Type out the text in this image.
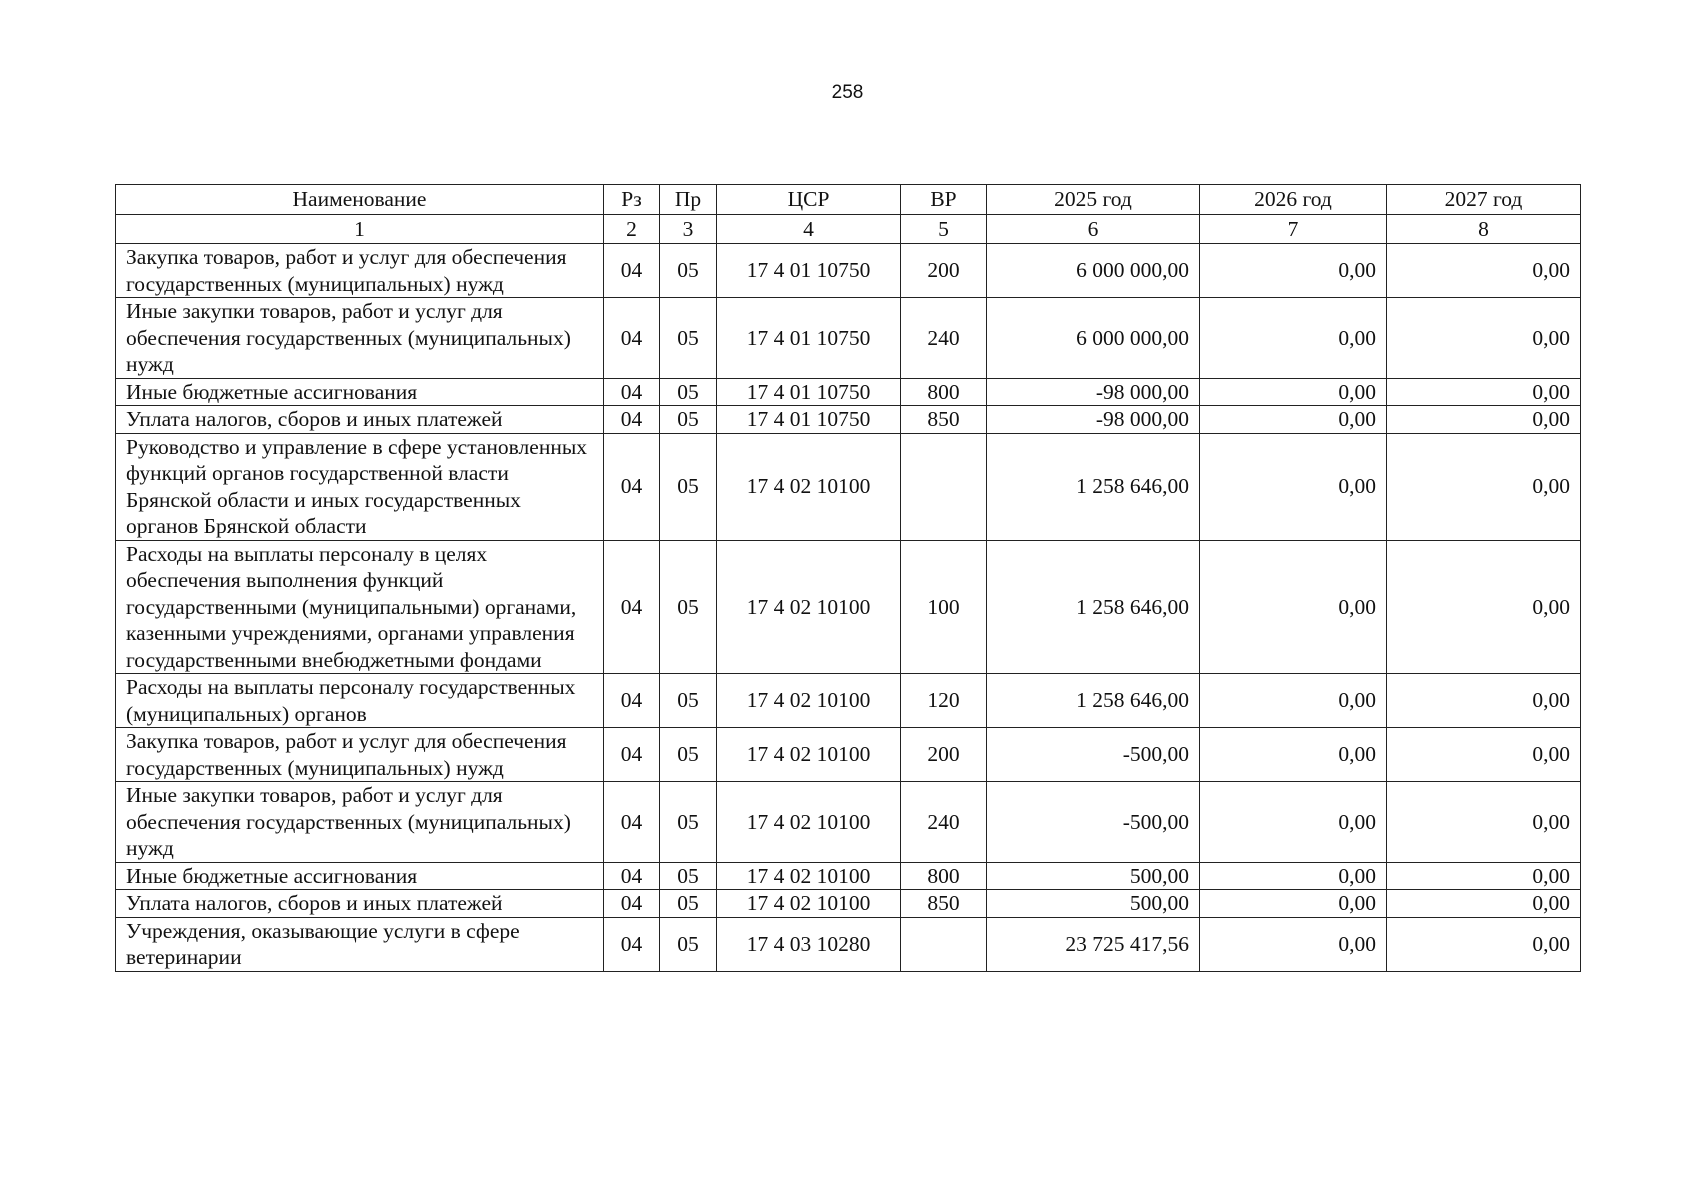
258
Наименование	Рз	Пр	ЦСР	ВР	2025 год	2026 год	2027 год
1	2	3	4	5	6	7	8
Закупка товаров, работ и услуг для обеспечения государственных (муниципальных) нужд	04	05	17 4 01 10750	200	6 000 000,00	0,00	0,00
Иные закупки товаров, работ и услуг для обеспечения государственных (муниципальных) нужд	04	05	17 4 01 10750	240	6 000 000,00	0,00	0,00
Иные бюджетные ассигнования	04	05	17 4 01 10750	800	-98 000,00	0,00	0,00
Уплата налогов, сборов и иных платежей	04	05	17 4 01 10750	850	-98 000,00	0,00	0,00
Руководство и управление в сфере установленных функций органов государственной власти Брянской области и иных государственных органов Брянской области	04	05	17 4 02 10100		1 258 646,00	0,00	0,00
Расходы на выплаты персоналу в целях обеспечения выполнения функций государственными (муниципальными) органами, казенными учреждениями, органами управления государственными внебюджетными фондами	04	05	17 4 02 10100	100	1 258 646,00	0,00	0,00
Расходы на выплаты персоналу государственных (муниципальных) органов	04	05	17 4 02 10100	120	1 258 646,00	0,00	0,00
Закупка товаров, работ и услуг для обеспечения государственных (муниципальных) нужд	04	05	17 4 02 10100	200	-500,00	0,00	0,00
Иные закупки товаров, работ и услуг для обеспечения государственных (муниципальных) нужд	04	05	17 4 02 10100	240	-500,00	0,00	0,00
Иные бюджетные ассигнования	04	05	17 4 02 10100	800	500,00	0,00	0,00
Уплата налогов, сборов и иных платежей	04	05	17 4 02 10100	850	500,00	0,00	0,00
Учреждения, оказывающие услуги в сфере ветеринарии	04	05	17 4 03 10280		23 725 417,56	0,00	0,00
